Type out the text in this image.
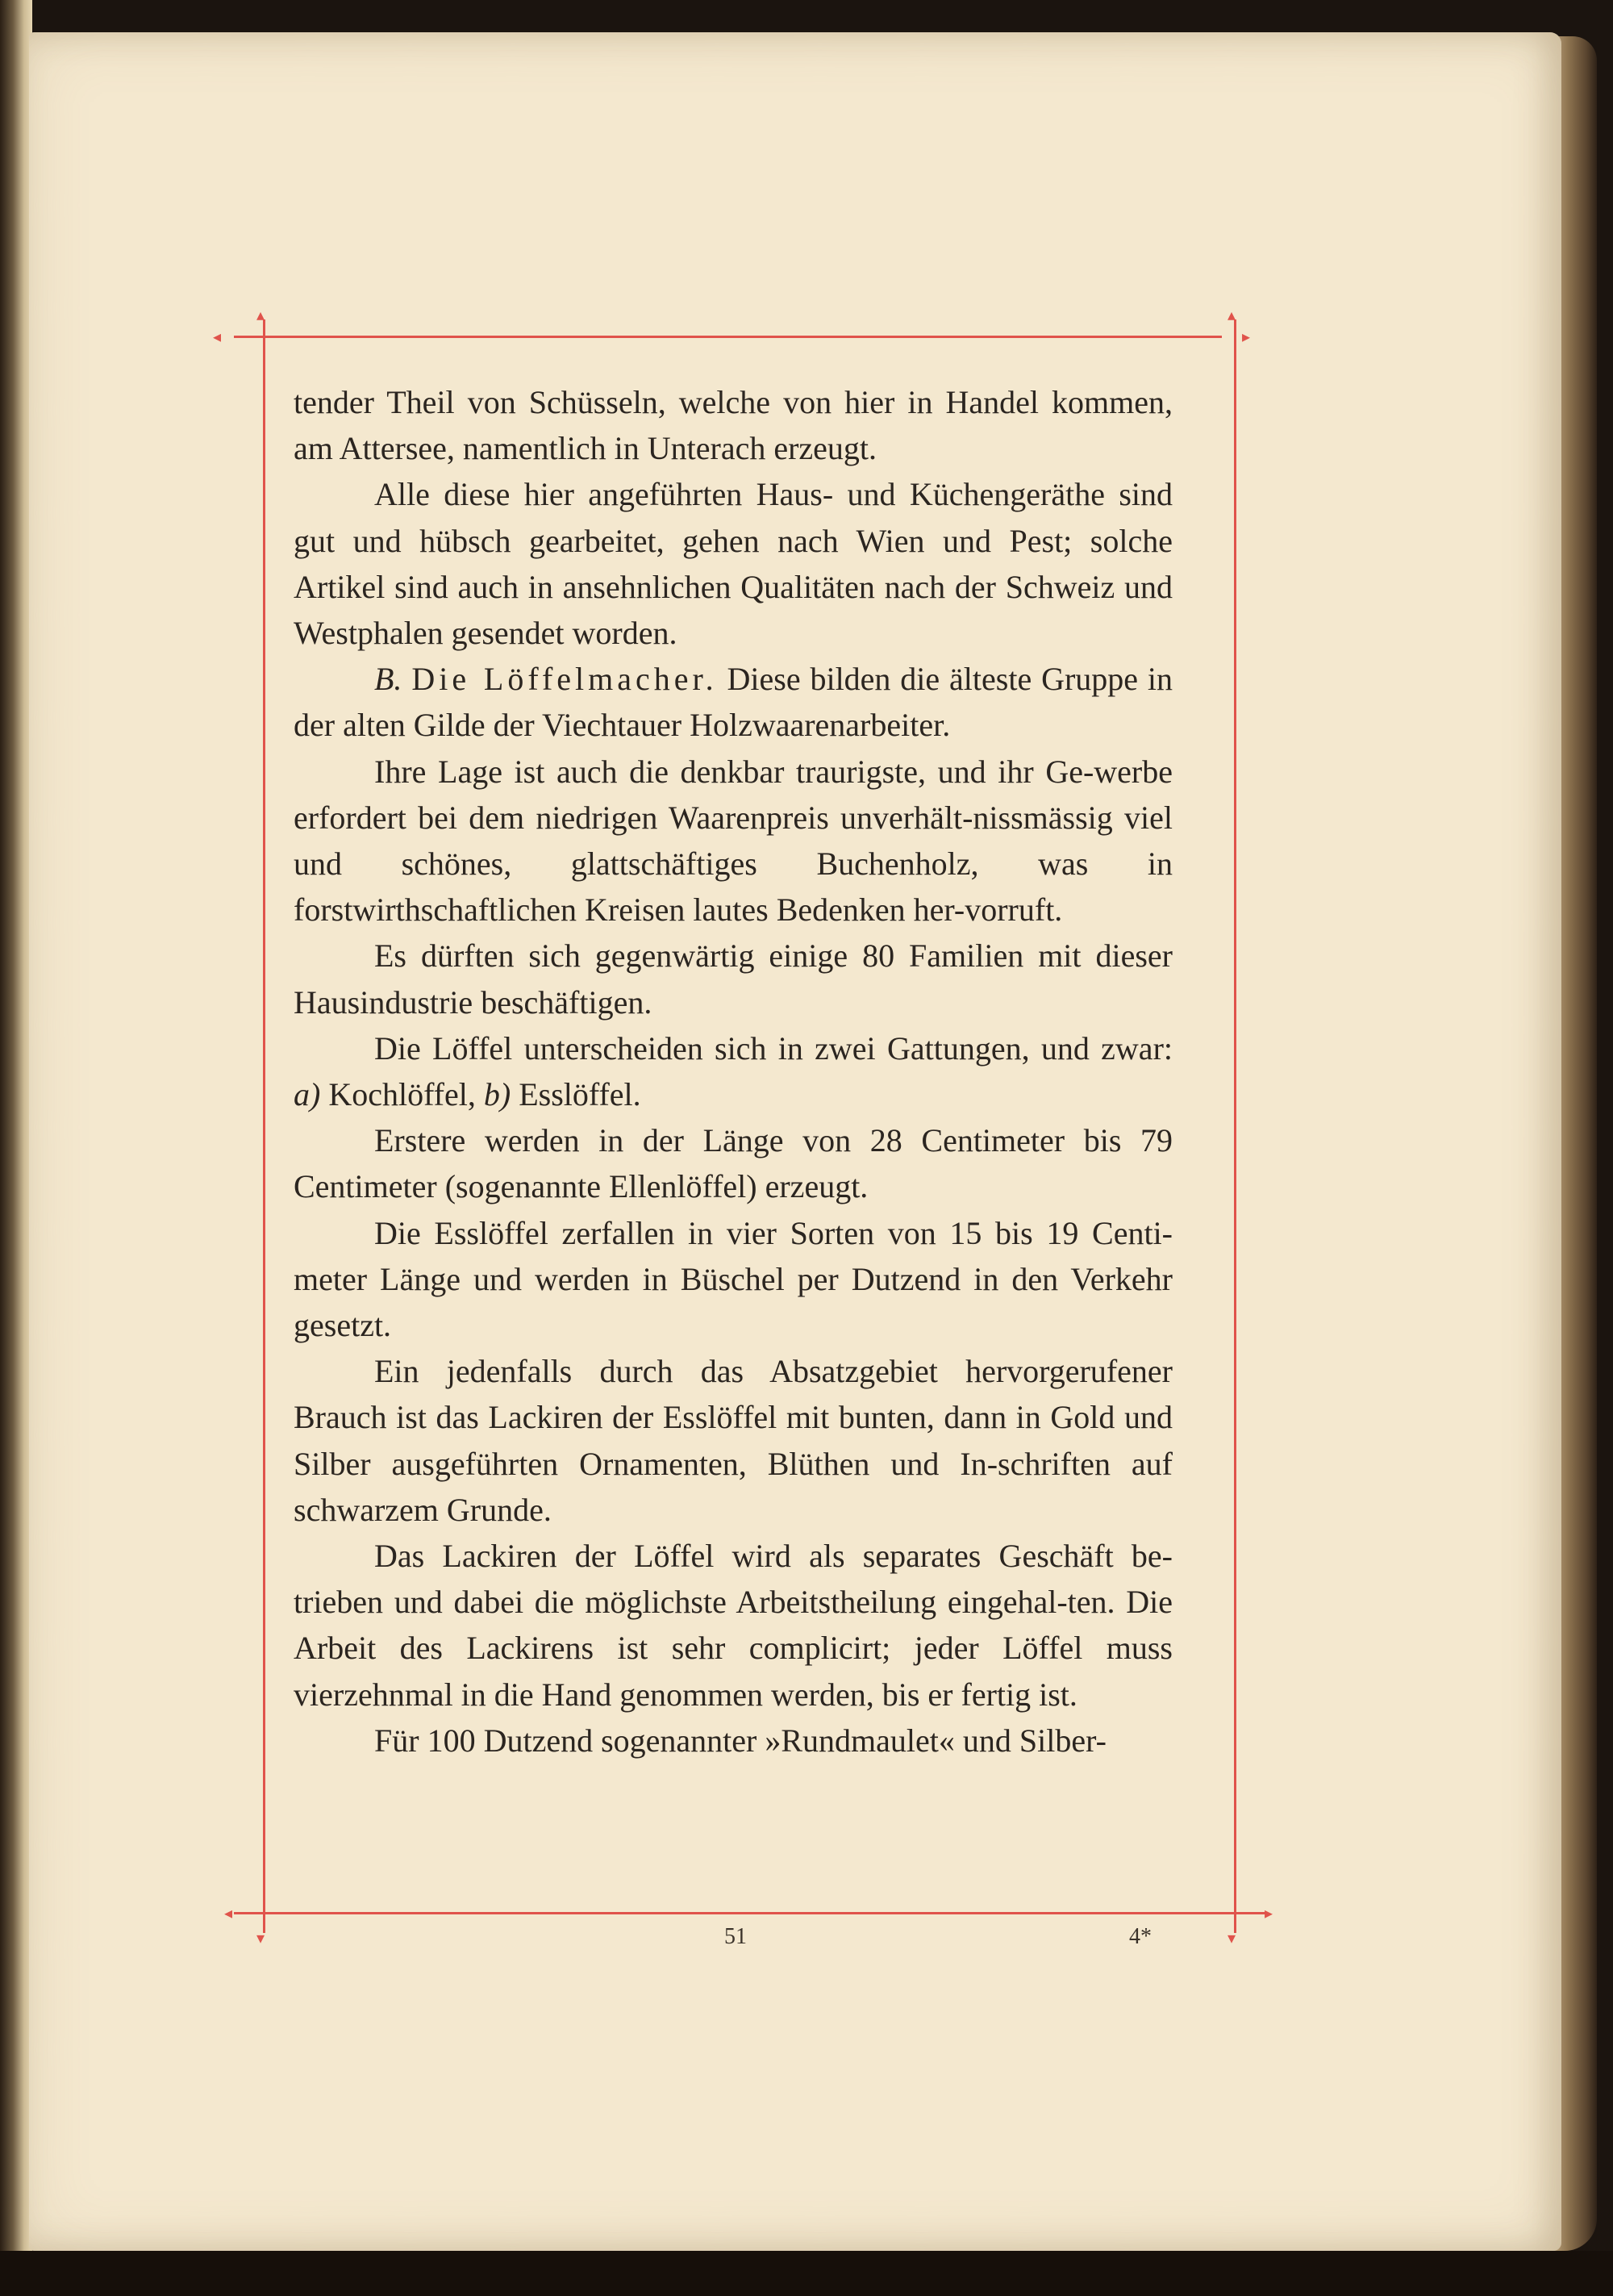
◂
▴	▴
▸
◂	▸
▾	▾

tender Theil von Schüsseln, welche von hier in Handel kommen, am Attersee, namentlich in Unterach erzeugt.

Alle diese hier angeführten Haus- und Küchengeräthe sind gut und hübsch gearbeitet, gehen nach Wien und Pest; solche Artikel sind auch in ansehnlichen Qualitäten nach der Schweiz und Westphalen gesendet worden.

B. Die Löffelmacher. Diese bilden die älteste Gruppe in der alten Gilde der Viechtauer Holzwaarenarbeiter.

Ihre Lage ist auch die denkbar traurigste, und ihr Ge-werbe erfordert bei dem niedrigen Waarenpreis unverhält-nissmässig viel und schönes, glattschäftiges Buchenholz, was in forstwirthschaftlichen Kreisen lautes Bedenken her-vorruft.

Es dürften sich gegenwärtig einige 80 Familien mit dieser Hausindustrie beschäftigen.

Die Löffel unterscheiden sich in zwei Gattungen, und zwar: a) Kochlöffel, b) Esslöffel.

Erstere werden in der Länge von 28 Centimeter bis 79 Centimeter (sogenannte Ellenlöffel) erzeugt.

Die Esslöffel zerfallen in vier Sorten von 15 bis 19 Centi-meter Länge und werden in Büschel per Dutzend in den Verkehr gesetzt.

Ein jedenfalls durch das Absatzgebiet hervorgerufener Brauch ist das Lackiren der Esslöffel mit bunten, dann in Gold und Silber ausgeführten Ornamenten, Blüthen und In-schriften auf schwarzem Grunde.

Das Lackiren der Löffel wird als separates Geschäft be-trieben und dabei die möglichste Arbeitstheilung eingehal-ten. Die Arbeit des Lackirens ist sehr complicirt; jeder Löffel muss vierzehnmal in die Hand genommen werden, bis er fertig ist.

Für 100 Dutzend sogenannter »Rundmaulet« und Silber-

51	4*
